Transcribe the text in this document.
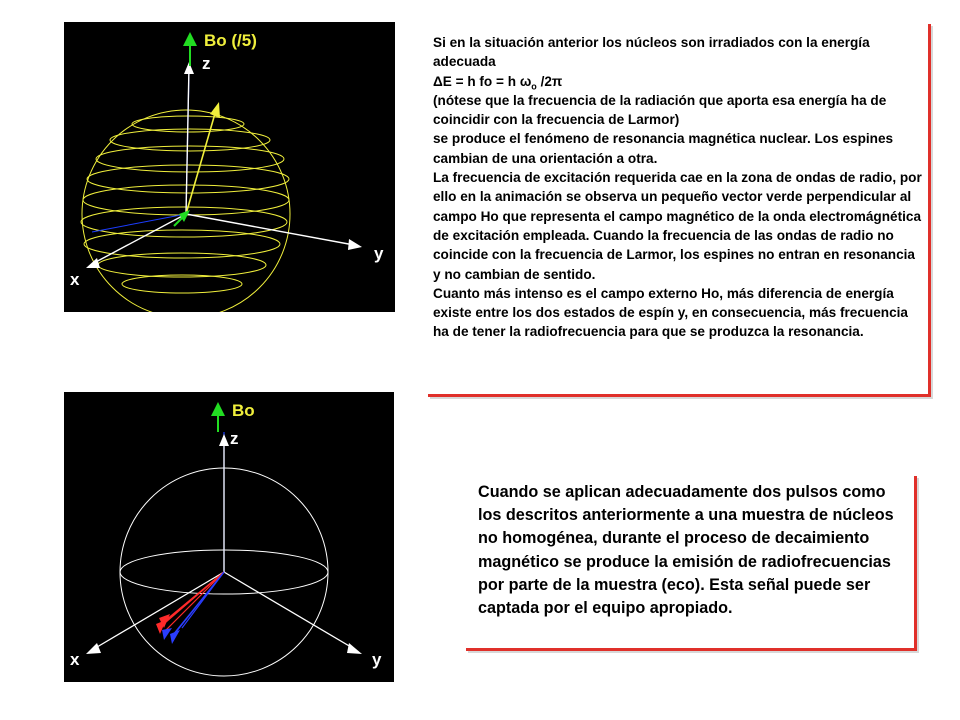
Bo (/5)
z
x
y
Bo
z
x	y

Si en la situación anterior los núcleos son irradiados con la energía adecuada

ΔE = h fo = h $\omega_o$ /2π

(nótese que la frecuencia de la radiación que aporta esa energía ha de coincidir con la frecuencia de Larmor)

se produce el fenómeno de resonancia magnética nuclear. Los espines cambian de una orientación a otra.

La frecuencia de excitación requerida cae en la zona de ondas de radio, por ello en la animación se observa un pequeño vector verde perpendicular al campo Ho que representa el campo magnético de la onda electromágnética de excitación empleada. Cuando la frecuencia de las ondas de radio no coincide con la frecuencia de Larmor, los espines no entran en resonancia y no cambian de sentido.

Cuanto más intenso es el campo externo Ho, más diferencia de energía existe entre los dos estados de espín y, en consecuencia, más frecuencia ha de tener la radiofrecuencia para que se produzca la resonancia.

Cuando se aplican adecuadamente dos pulsos como los descritos anteriormente a una muestra de núcleos no homogénea, durante el proceso de decaimiento magnético se produce la emisión de radiofrecuencias por parte de la muestra (eco). Esta señal puede ser captada por el equipo apropiado.
